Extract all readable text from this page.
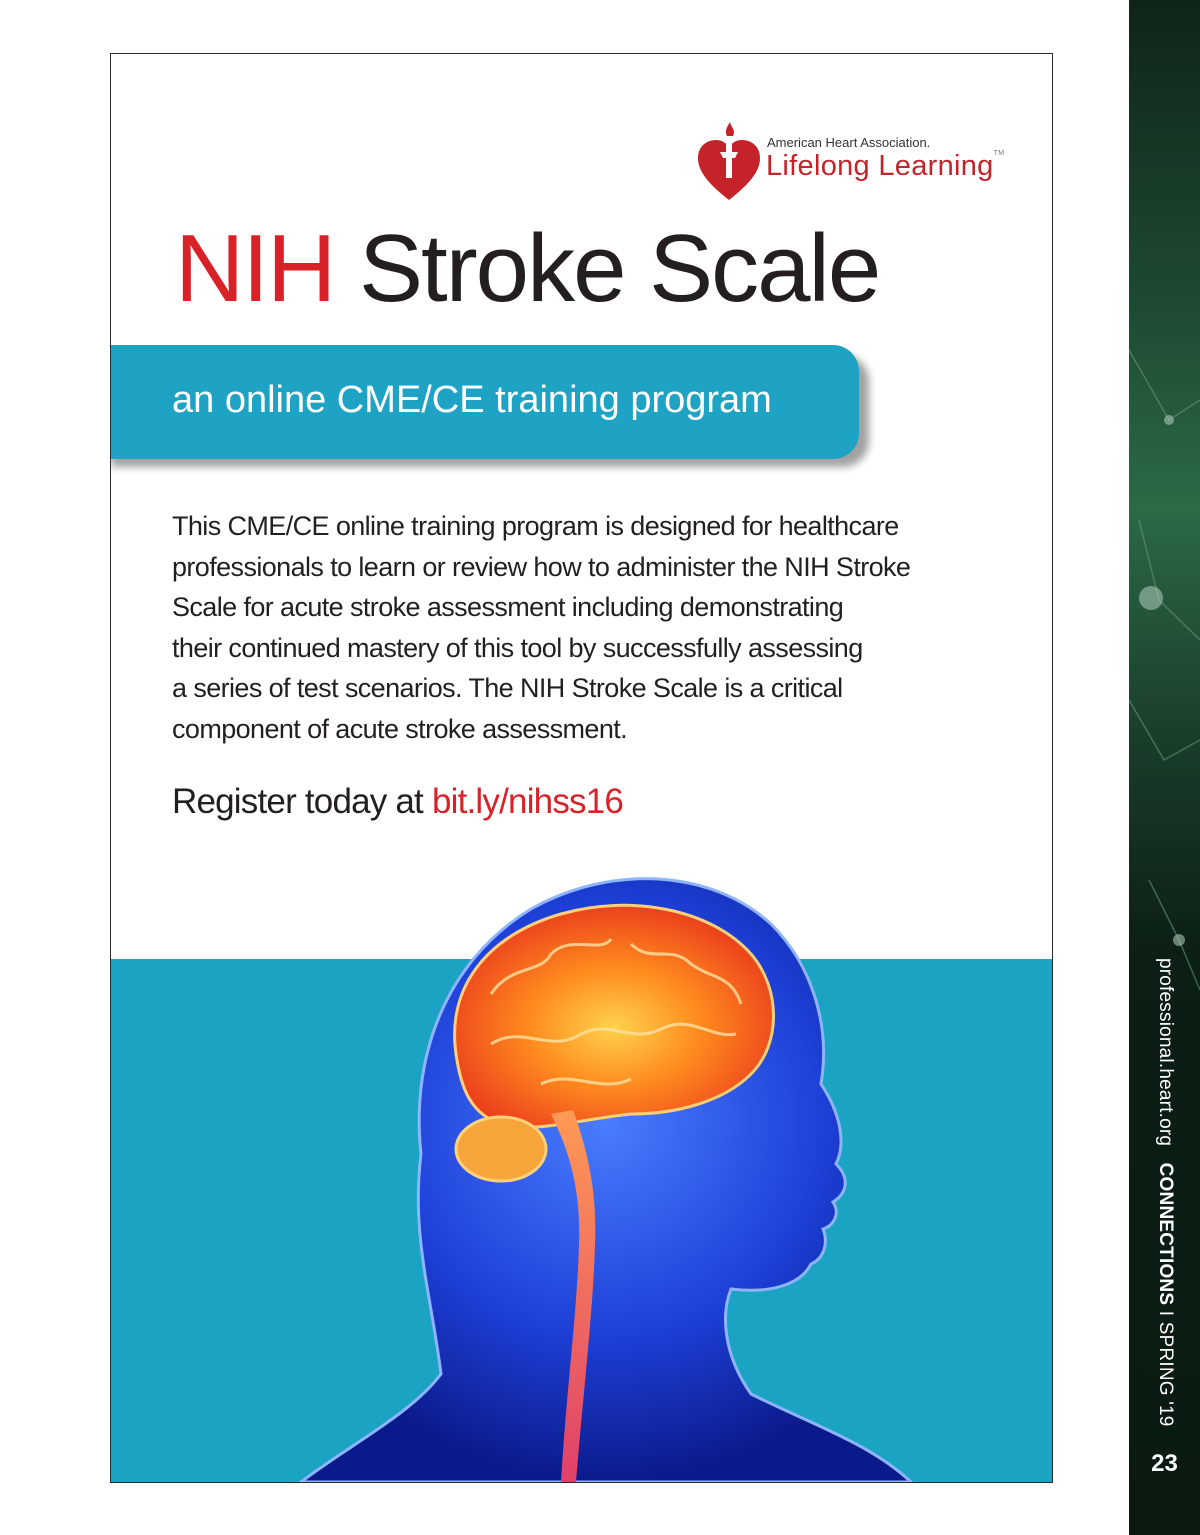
professional.heart.org   CONNECTIONS I SPRING '19
23
American Heart Association.
Lifelong Learning™
NIH Stroke Scale
an online CME/CE training program
This CME/CE online training program is designed for healthcare
professionals to learn or review how to administer the NIH Stroke
Scale for acute stroke assessment including demonstrating
their continued mastery of this tool by successfully assessing
a series of test scenarios. The NIH Stroke Scale is a critical
component of acute stroke assessment.
Register today at bit.ly/nihss16
